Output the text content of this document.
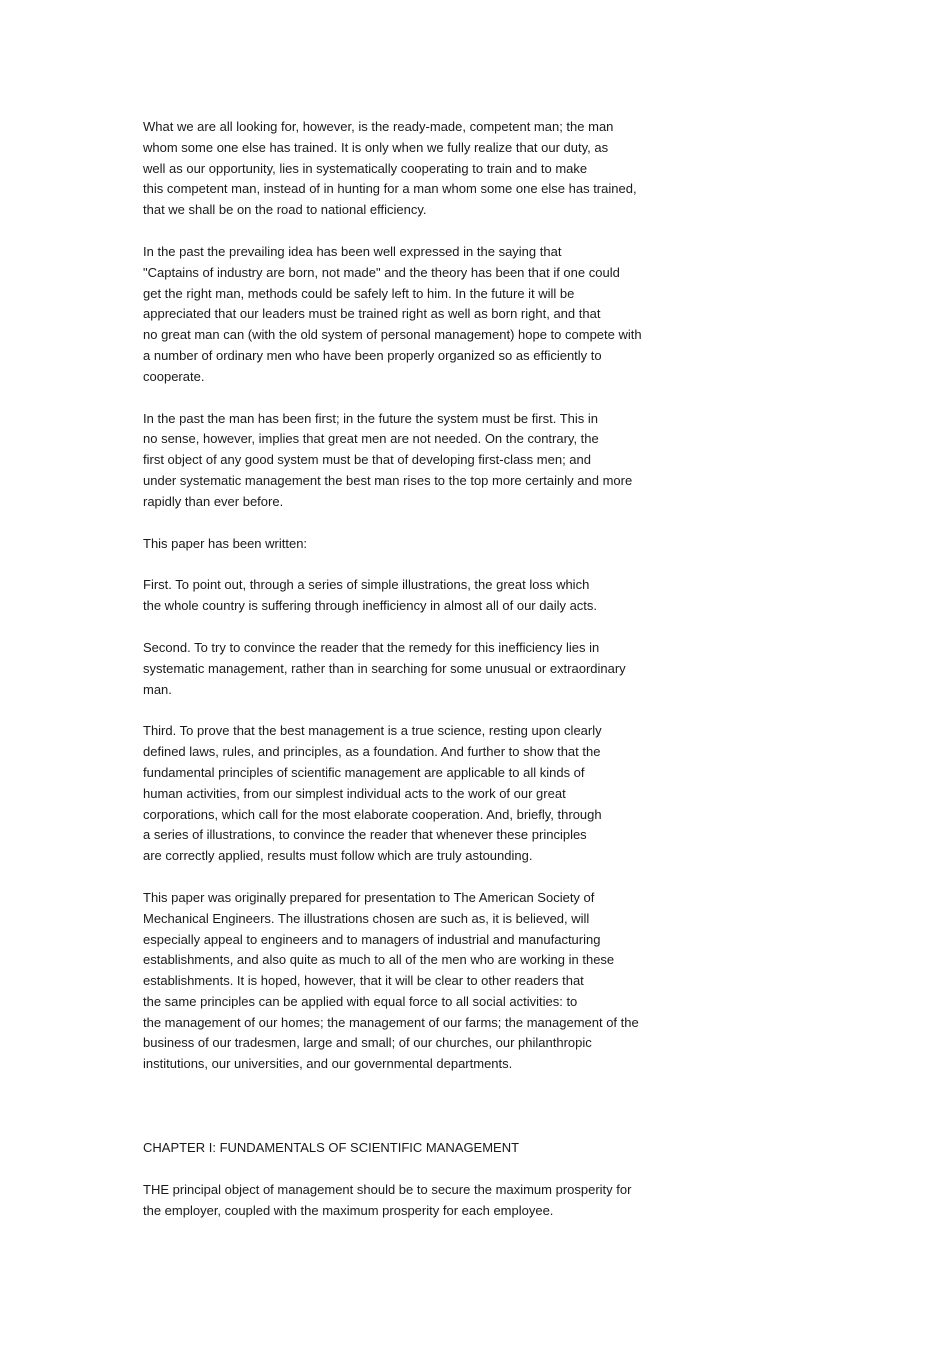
What we are all looking for, however, is the ready-made, competent man; the man
whom some one else has trained. It is only when we fully realize that our duty, as
well as our opportunity, lies in systematically cooperating to train and to make
this competent man, instead of in hunting for a man whom some one else has trained,
that we shall be on the road to national efficiency.

In the past the prevailing idea has been well expressed in the saying that
"Captains of industry are born, not made" and the theory has been that if one could
get the right man, methods could be safely left to him. In the future it will be
appreciated that our leaders must be trained right as well as born right, and that
no great man can (with the old system of personal management) hope to compete with
a number of ordinary men who have been properly organized so as efficiently to
cooperate.

In the past the man has been first; in the future the system must be first. This in
no sense, however, implies that great men are not needed. On the contrary, the
first object of any good system must be that of developing first-class men; and
under systematic management the best man rises to the top more certainly and more
rapidly than ever before.

This paper has been written:

First. To point out, through a series of simple illustrations, the great loss which
the whole country is suffering through inefficiency in almost all of our daily acts.

Second. To try to convince the reader that the remedy for this inefficiency lies in
systematic management, rather than in searching for some unusual or extraordinary
man.

Third. To prove that the best management is a true science, resting upon clearly
defined laws, rules, and principles, as a foundation. And further to show that the
fundamental principles of scientific management are applicable to all kinds of
human activities, from our simplest individual acts to the work of our great
corporations, which call for the most elaborate cooperation. And, briefly, through
a series of illustrations, to convince the reader that whenever these principles
are correctly applied, results must follow which are truly astounding.

This paper was originally prepared for presentation to The American Society of
Mechanical Engineers. The illustrations chosen are such as, it is believed, will
especially appeal to engineers and to managers of industrial and manufacturing
establishments, and also quite as much to all of the men who are working in these
establishments. It is hoped, however, that it will be clear to other readers that
the same principles can be applied with equal force to all social activities: to
the management of our homes; the management of our farms; the management of the
business of our tradesmen, large and small; of our churches, our philanthropic
institutions, our universities, and our governmental departments.

CHAPTER I: FUNDAMENTALS OF SCIENTIFIC MANAGEMENT

THE principal object of management should be to secure the maximum prosperity for
the employer, coupled with the maximum prosperity for each employee.
